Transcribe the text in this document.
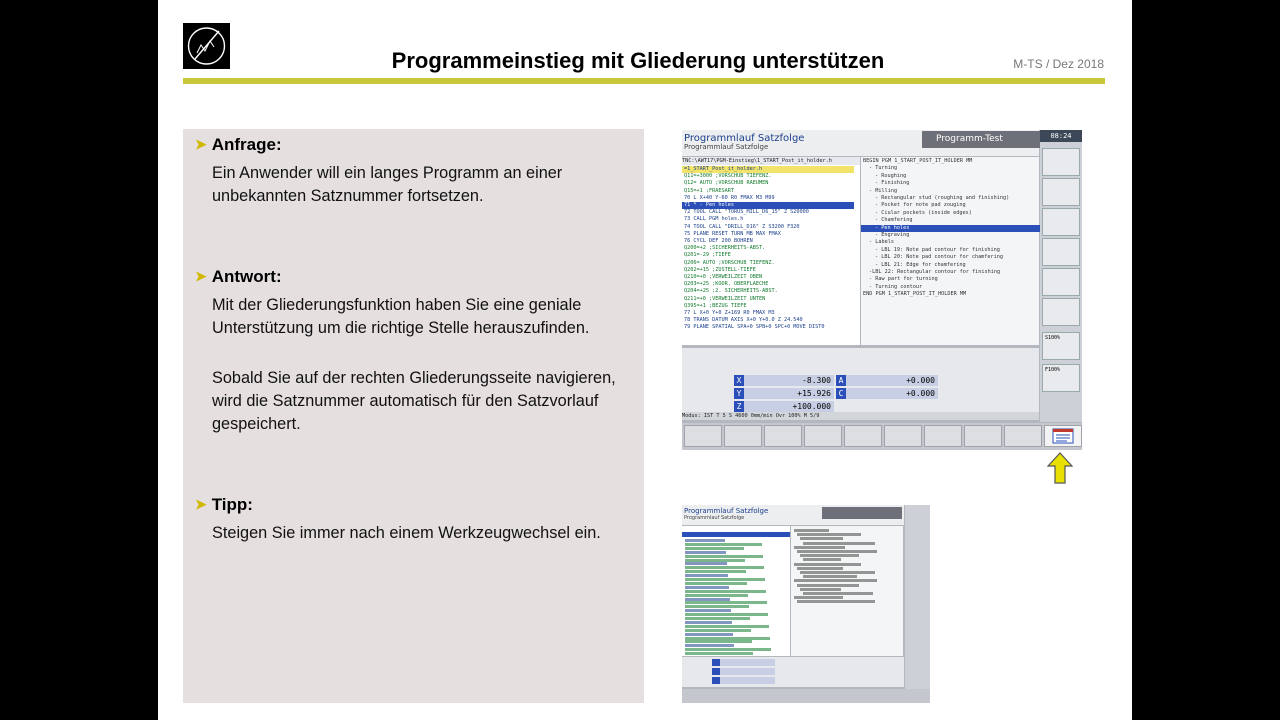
Programmeinstieg mit Gliederung unterstützen	M-TS / Dez 2018
➤ Anfrage:
Ein Anwender will ein langes Programm an einer unbekannten Satznummer fortsetzen.
➤ Antwort:
Mit der Gliederungsfunktion haben Sie eine geniale Unterstützung um die richtige Stelle herauszufinden.
Sobald Sie auf der rechten Gliederungsseite navigieren, wird die Satznummer automatisch für den Satzvorlauf gespeichert.
➤ Tipp:
Steigen Sie immer nach einem Werkzeugwechsel ein.
Programmlauf Satzfolge
Programmlauf Satzfolge
Programm-Test	08:24
TNC:\AWT17\PGM-Einstieg\1_START_Post_it_holder.h
=1_START_Post_it_holder.h
Q11=+3000 ;VORSCHUB TIEFENZ.
Q12= AUTO ;VORSCHUB RAEUMEN
Q15=+1 ;FRAESART
70 L X+40 Y-60 R0 FMAX M3 M99
71 * - Pen holes
72 TOOL CALL "TORUS_MILL_D6_15" Z S20000
73 CALL PGM holes.h
74 TOOL CALL "DRILL_D16" Z S3200 F320
75 PLANE RESET TURN MB MAX FMAX
76 CYCL DEF 200 BOHREN
Q200=+2 ;SICHERHEITS-ABST.
Q201=-29 ;TIEFE
Q206= AUTO ;VORSCHUB TIEFENZ.
Q202=+15 ;ZUSTELL-TIEFE
Q210=+0 ;VERWEILZEIT OBEN
Q203=+25 ;KOOR. OBERFLAECHE
Q204=+25 ;2. SICHERHEITS-ABST.
Q211=+0 ;VERWEILZEIT UNTEN
Q395=+1 ;BEZUG TIEFE
77 L X+0 Y+0 Z+169 R0 FMAX M3
78 TRANS DATUM AXIS X+0 Y+0.0 Z 24.540
79 PLANE SPATIAL SPA+0 SPB+0 SPC+0 MOVE DIST0
BEGIN PGM 1_START_POST_IT_HOLDER MM
- Turning
- Roughing
- Finishing
- Milling
- Rectangular stud (roughing and finishing)
- Pocket for note pad zouging
- Ciular pockets (inside edges)
- Chamfering
- Pen holes
- Engraving
- Labels
- LBL 19: Note pad contour for finishing
- LBL 20: Note pad contour for chamfering
- LBL 21: Edge for chamfering
-LBL 22: Rectangular contour for finishing
- Raw part for turning
- Turning contour
END PGM 1_START_POST_IT_HOLDER MM
S100%
F100%
X	-8.300 A	+0.000
Y	+15.926 C	+0.000
Z	+100.000
Modus: IST T 5 S 4600 0mm/min Ovr 100% M 5/9
Programmlauf Satzfolge
Programmlauf Satzfolge
